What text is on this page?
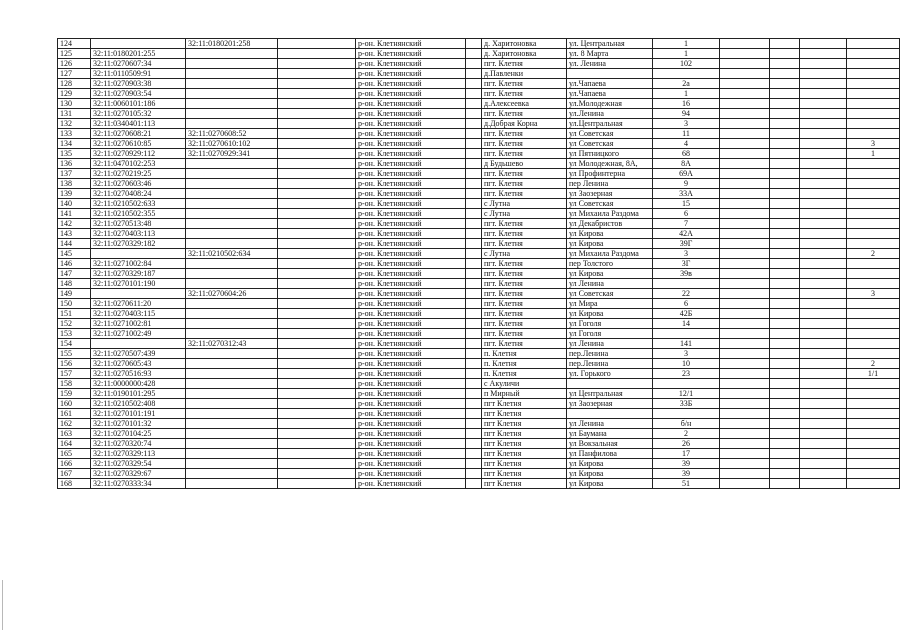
124		32:11:0180201:258		р-он. Клетнянский		д. Харитоновка	ул. Центральная	1				
125	32:11:0180201:255			р-он. Клетнянский		д. Харитоновка	ул. 8 Марта	1				
126	32:11:0270607:34			р-он. Клетнянский		пгт. Клетня	ул. Ленина	102				
127	32:11:0110509:91			р-он. Клетнянский		д.Павленки						
128	32:11:0270903:38			р-он. Клетнянский		пгт. Клетня	ул.Чапаева	2а				
129	32:11:0270903:54			р-он. Клетнянский		пгт. Клетня	ул.Чапаева	1				
130	32:11:0060101:186			р-он. Клетнянский		д.Алексеевка	ул.Молодежная	16				
131	32:11:0270105:32			р-он. Клетнянский		пгт. Клетня	ул.Ленина	94				
132	32:11:0340401:113			р-он. Клетнянский		д.Добрая Корна	ул.Центральная	3				
133	32:11:0270608:21	32:11:0270608:52		р-он. Клетнянский		пгт. Клетня	ул Советская	11				
134	32:11:0270610:85	32:11:0270610:102		р-он. Клетнянский		пгт. Клетня	ул Советская	4				3
135	32:11:0270929:112	32:11:0270929:341		р-он. Клетнянский		пгт. Клетня	ул Пятницкого	68				1
136	32:11:0470102:253			р-он. Клетнянский		д Будьшево	ул Молодежная, 8А,	8А				
137	32:11:0270219:25			р-он. Клетнянский		пгт. Клетня	ул Профинтерна	69А				
138	32:11:0270603:46			р-он. Клетнянский		пгт. Клетня	пер Ленина	9				
139	32:11:0270408:24			р-он. Клетнянский		пгт. Клетня	ул Заозерная	33А				
140	32:11:0210502:633			р-он. Клетнянский		с Лутна	ул Советская	15				
141	32:11:0210502:355			р-он. Клетнянский		с Лутна	ул Михаила Раздома	6				
142	32:11:0270513:48			р-он. Клетнянский		пгт. Клетня	ул Декабристов	7				
143	32:11:0270403:113			р-он. Клетнянский		пгт. Клетня	ул Кирова	42А				
144	32:11:0270329:182			р-он. Клетнянский		пгт. Клетня	ул Кирова	39Г				
145		32:11:0210502:634		р-он. Клетнянский		с Лутна	ул Михаила Раздома	3				2
146	32:11:0271002:84			р-он. Клетнянский		пгт. Клетня	пер Толстого	3Г				
147	32:11:0270329:187			р-он. Клетнянский		пгт. Клетня	ул Кирова	39в				
148	32:11:0270101:190			р-он. Клетнянский		пгт. Клетня	ул Ленина					
149		32:11:0270604:26		р-он. Клетнянский		пгт. Клетня	ул Советская	22				3
150	32:11:0270611:20			р-он. Клетнянский		пгт. Клетня	ул Мира	6				
151	32:11:0270403:115			р-он. Клетнянский		пгт. Клетня	ул Кирова	42Б				
152	32:11:0271002:81			р-он. Клетнянский		пгт. Клетня	ул Гоголя	14				
153	32:11:0271002:49			р-он. Клетнянский		пгт. Клетня	ул Гоголя					
154		32:11:0270312:43		р-он. Клетнянский		пгт. Клетня	ул Ленина	141				
155	32:11:0270507:439			р-он. Клетнянский		п. Клетня	пер.Ленина	3				
156	32:11:0270605:43			р-он. Клетнянский		п. Клетня	пер.Ленина	10				2
157	32:11:0270516:93			р-он. Клетнянский		п. Клетня	ул. Горького	23				1/1
158	32:11:0000000:428			р-он. Клетнянский		с Акуличи						
159	32:11:0190101:295			р-он. Клетнянский		п Мирный	ул Центральная	12/1				
160	32:11:0210502:408			р-он. Клетнянский		пгт Клетня	ул Заозерная	33Б				
161	32:11:0270101:191			р-он. Клетнянский		пгт Клетня						
162	32:11:0270101:32			р-он. Клетнянский		пгт Клетня	ул Ленина	б/н				
163	32:11:0270104:25			р-он. Клетнянский		пгт Клетня	ул Баумана	2				
164	32:11:0270320:74			р-он. Клетнянский		пгт Клетня	ул Вокзальная	26				
165	32:11:0270329:113			р-он. Клетнянский		пгт Клетня	ул Панфилова	17				
166	32:11:0270329:54			р-он. Клетнянский		пгт Клетня	ул Кирова	39				
167	32:11:0270329:67			р-он. Клетнянский		пгт Клетня	ул Кирова	39				
168	32:11:0270333:34			р-он. Клетнянский		пгт Клетня	ул Кирова	51				
